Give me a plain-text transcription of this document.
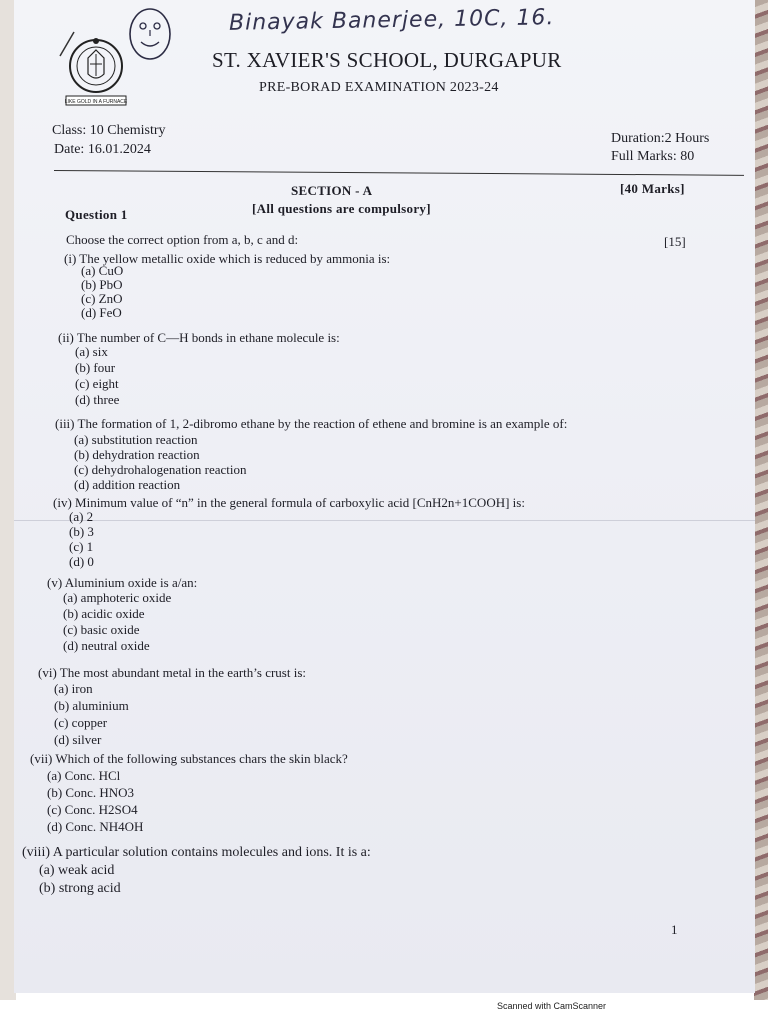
Binayak Banerjee, 10C, 16.
LIKE GOLD IN A FURNACE
ST. XAVIER'S SCHOOL, DURGAPUR
PRE-BORAD EXAMINATION 2023-24
Class: 10 Chemistry
Date: 16.01.2024
Duration:2 Hours
Full Marks: 80
SECTION - A	[40 Marks]
[All questions are compulsory]
Question 1
Choose the correct option from a, b, c and d:	[15]
(i) The yellow metallic oxide which is reduced by ammonia is:
(a) CuO
(b) PbO
(c) ZnO
(d) FeO
(ii) The number of C—H bonds in ethane molecule is:
(a) six
(b) four
(c) eight
(d) three
(iii) The formation of 1, 2-dibromo ethane by the reaction of ethene and bromine is an example of:
(a) substitution reaction
(b) dehydration reaction
(c) dehydrohalogenation reaction
(d) addition reaction
(iv) Minimum value of “n” in the general formula of carboxylic acid [CnH2n+1COOH] is:
(a) 2
(b) 3
(c) 1
(d) 0
(v) Aluminium oxide is a/an:
(a) amphoteric oxide
(b) acidic oxide
(c) basic oxide
(d) neutral oxide
(vi) The most abundant metal in the earth’s crust is:
(a) iron
(b) aluminium
(c) copper
(d) silver
(vii) Which of the following substances chars the skin black?
(a) Conc. HCl
(b) Conc. HNO3
(c) Conc. H2SO4
(d) Conc. NH4OH
(viii) A particular solution contains molecules and ions. It is a:
(a) weak acid
(b) strong acid
1
Scanned with CamScanner
